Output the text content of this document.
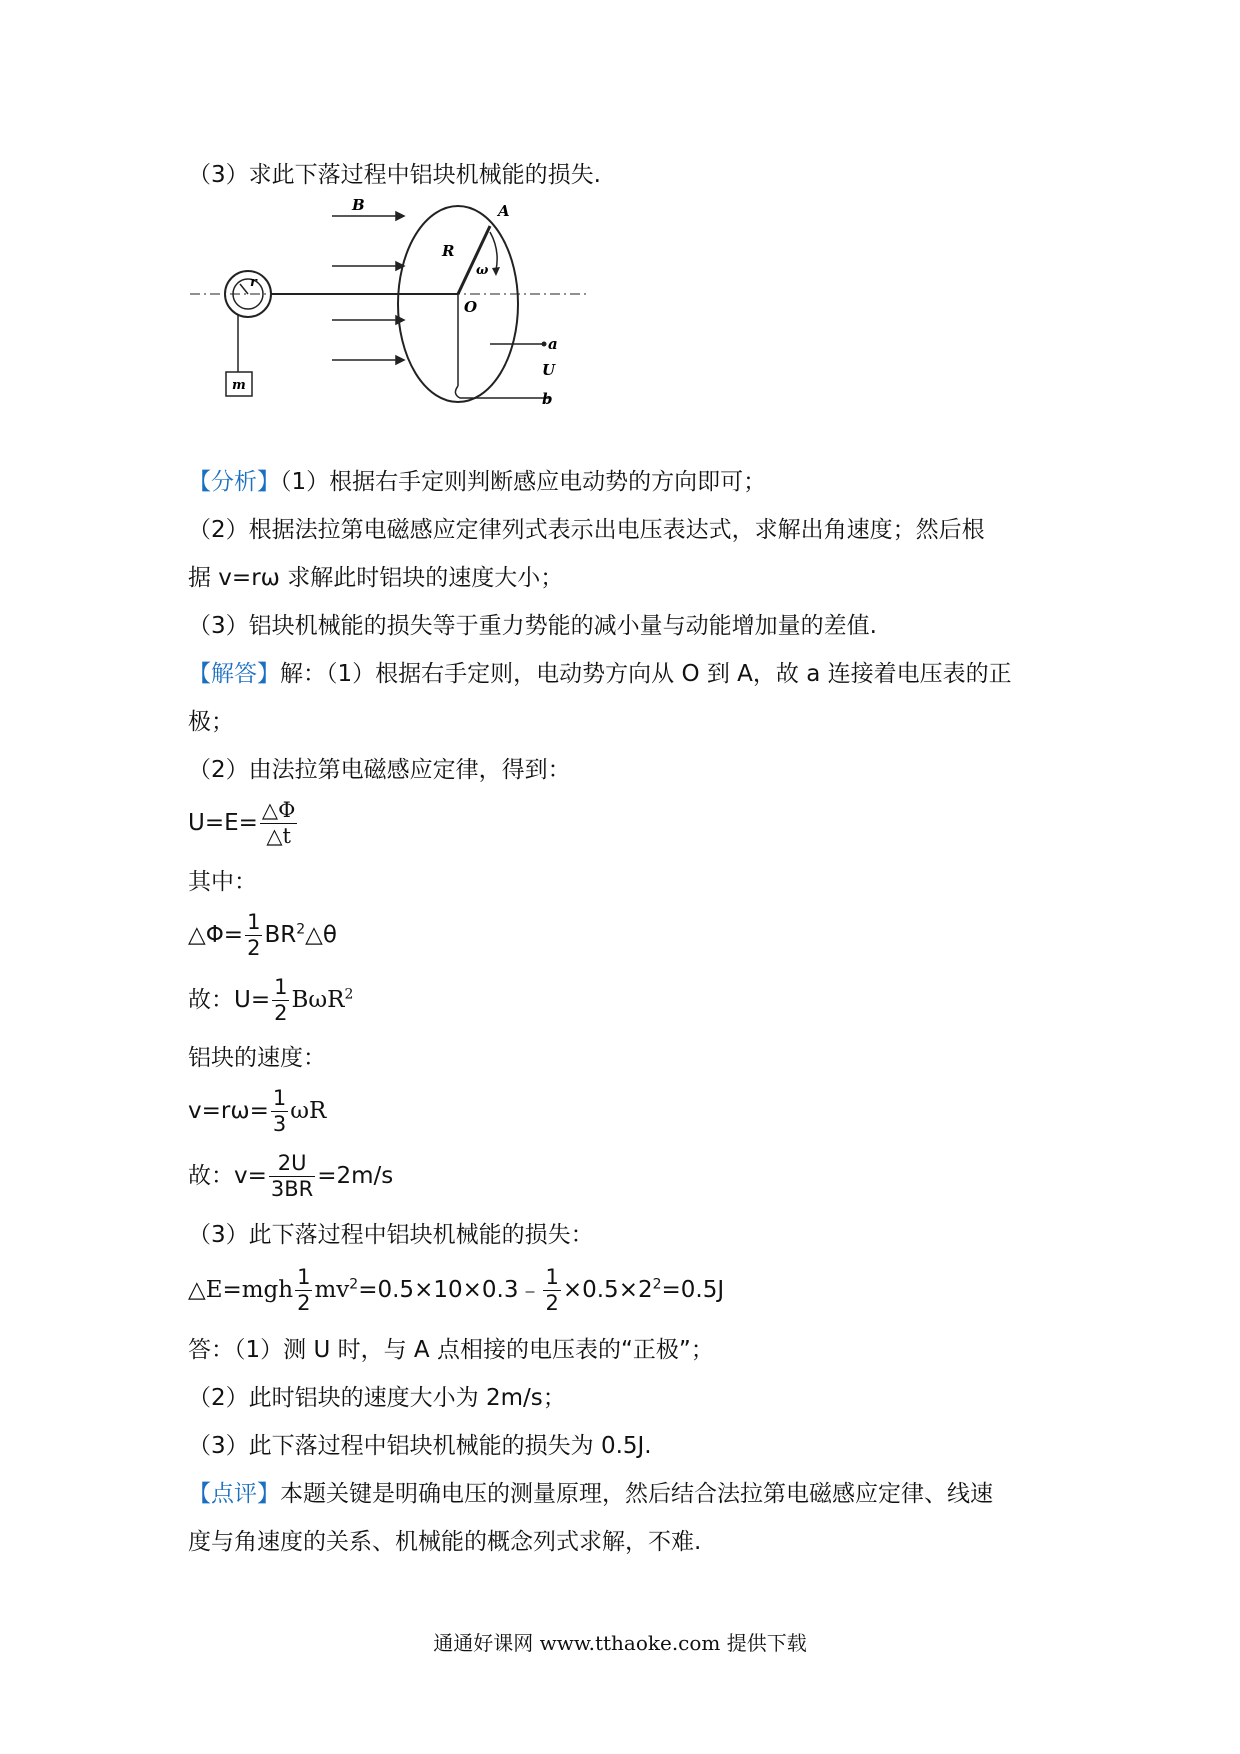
（3）求此下落过程中铝块机械能的损失.
r
m
B
R
A
ω
O
a
U
b
【分析】（1）根据右手定则判断感应电动势的方向即可；
（2）根据法拉第电磁感应定律列式表示出电压表达式，求解出角速度；然后根
据 v=rω 求解此时铝块的速度大小；
（3）铝块机械能的损失等于重力势能的减小量与动能增加量的差值.
【解答】解：（1）根据右手定则，电动势方向从 O 到 A，故 a 连接着电压表的正
极；
（2）由法拉第电磁感应定律，得到：
$U=E= \frac{\triangle\Phi}{\triangle t}$
其中：
△Φ= $\frac{1}{2}$ $BR^2\triangle\theta$
故：$U= \frac{1}{2} B\omega R^2$
铝块的速度：
$v=r\omega= \frac{1}{3}$ ωR
故：$v= \frac{2U}{3BR} =2m/s$
（3）此下落过程中铝块机械能的损失：
△E=mgh $\frac{1}{2}$ $mv^2=0.5\times 10\times 0.3﹣ \frac{1}{2} \times 0.5\times 2^2=0.5J$
答：（1）测 U 时，与 A 点相接的电压表的“正极”；
（2）此时铝块的速度大小为 2m/s；
（3）此下落过程中铝块机械能的损失为 0.5J.
【点评】本题关键是明确电压的测量原理，然后结合法拉第电磁感应定律、线速
度与角速度的关系、机械能的概念列式求解，不难.
通通好课网 www.tthaoke.com 提供下载
